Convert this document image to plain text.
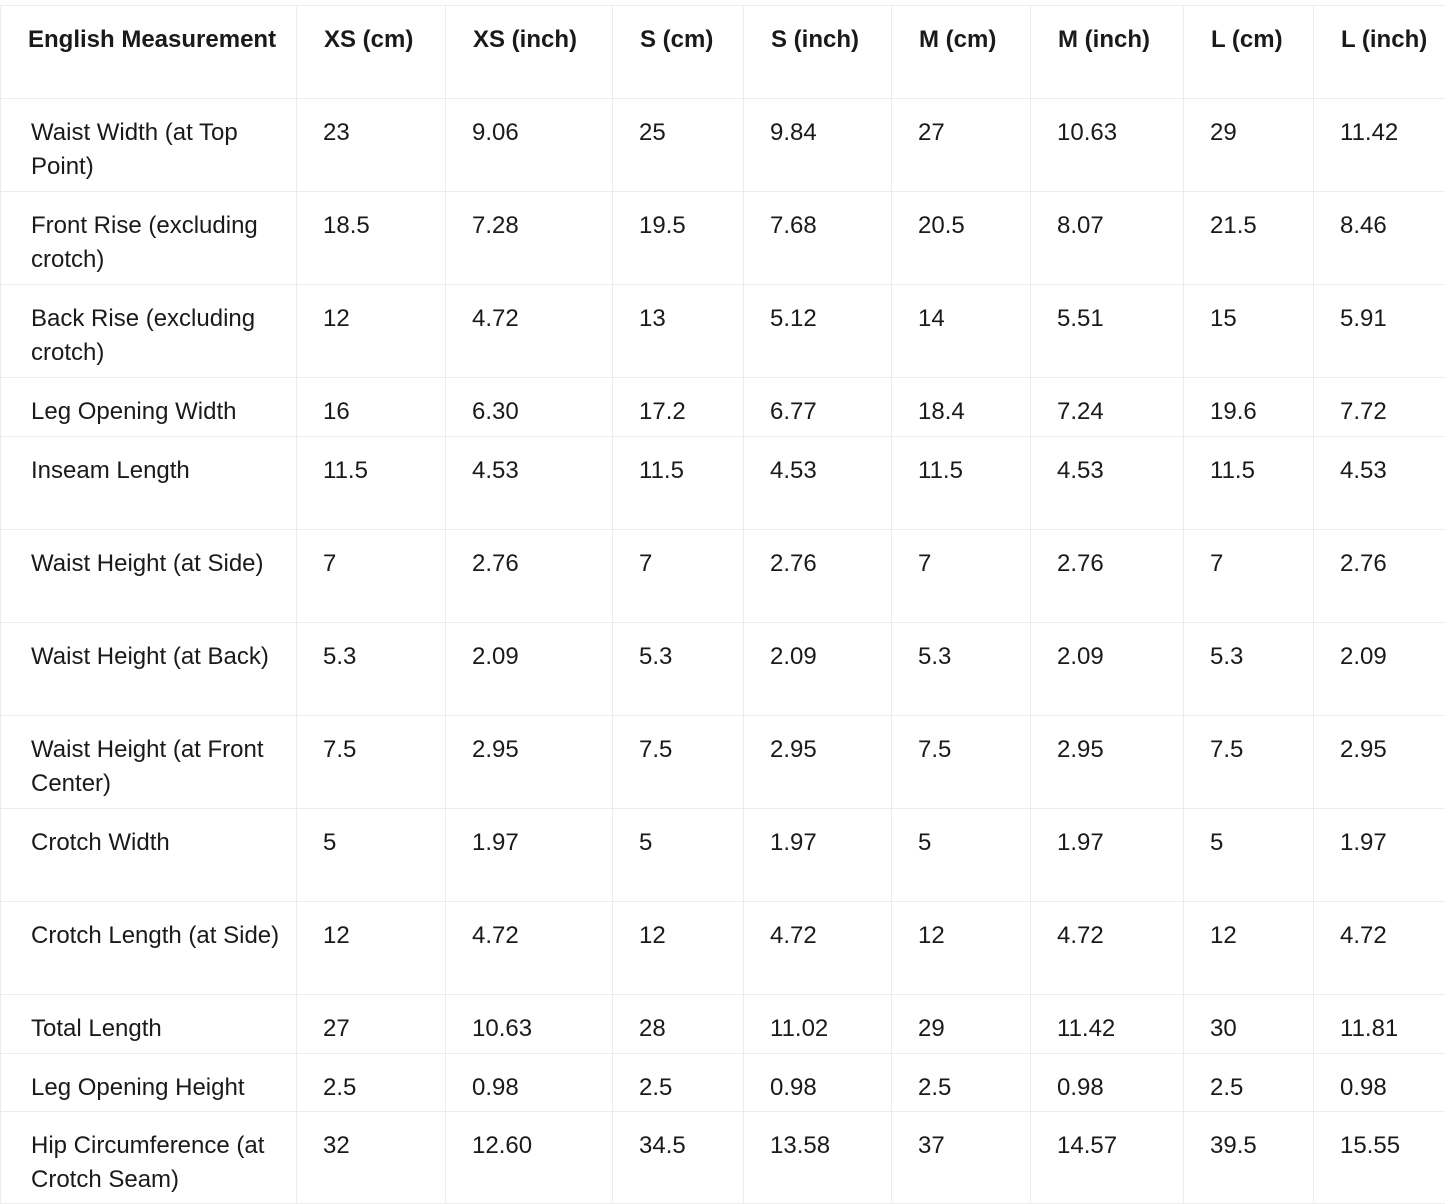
English Measurement	XS (cm)	XS (inch)	S (cm)	S (inch)	M (cm)	M (inch)	L (cm)	L (inch)
Waist Width (at Top Point)	23	9.06	25	9.84	27	10.63	29	11.42
Front Rise (excluding crotch)	18.5	7.28	19.5	7.68	20.5	8.07	21.5	8.46
Back Rise (excluding crotch)	12	4.72	13	5.12	14	5.51	15	5.91
Leg Opening Width	16	6.30	17.2	6.77	18.4	7.24	19.6	7.72
Inseam Length	11.5	4.53	11.5	4.53	11.5	4.53	11.5	4.53
Waist Height (at Side)	7	2.76	7	2.76	7	2.76	7	2.76
Waist Height (at Back)	5.3	2.09	5.3	2.09	5.3	2.09	5.3	2.09
Waist Height (at Front Center)	7.5	2.95	7.5	2.95	7.5	2.95	7.5	2.95
Crotch Width	5	1.97	5	1.97	5	1.97	5	1.97
Crotch Length (at Side)	12	4.72	12	4.72	12	4.72	12	4.72
Total Length	27	10.63	28	11.02	29	11.42	30	11.81
Leg Opening Height	2.5	0.98	2.5	0.98	2.5	0.98	2.5	0.98
Hip Circumference (at Crotch Seam)	32	12.60	34.5	13.58	37	14.57	39.5	15.55
